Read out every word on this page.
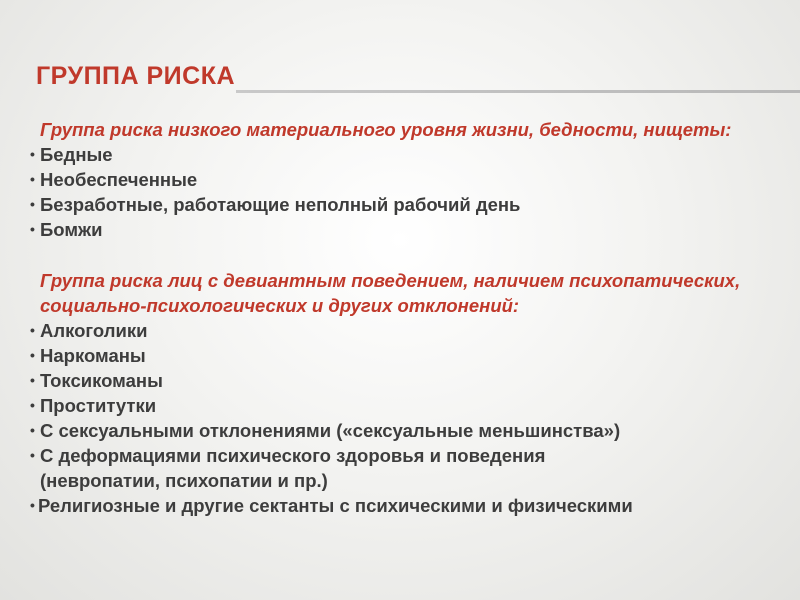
ГРУППА РИСКА

Группа риска низкого материального уровня жизни, бедности, нищеты:

• Бедные
• Необеспеченные
• Безработные, работающие неполный рабочий день
• Бомжи

Группа риска лиц с девиантным поведением, наличием психопатических, социально-психологических и других отклонений:

• Алкоголики
• Наркоманы
• Токсикоманы
• Проститутки
• С сексуальными отклонениями («сексуальные меньшинства»)
• С деформациями психического здоровья и поведения
(невропатии, психопатии и пр.)
• Религиозные и другие сектанты с психическими и физическими
